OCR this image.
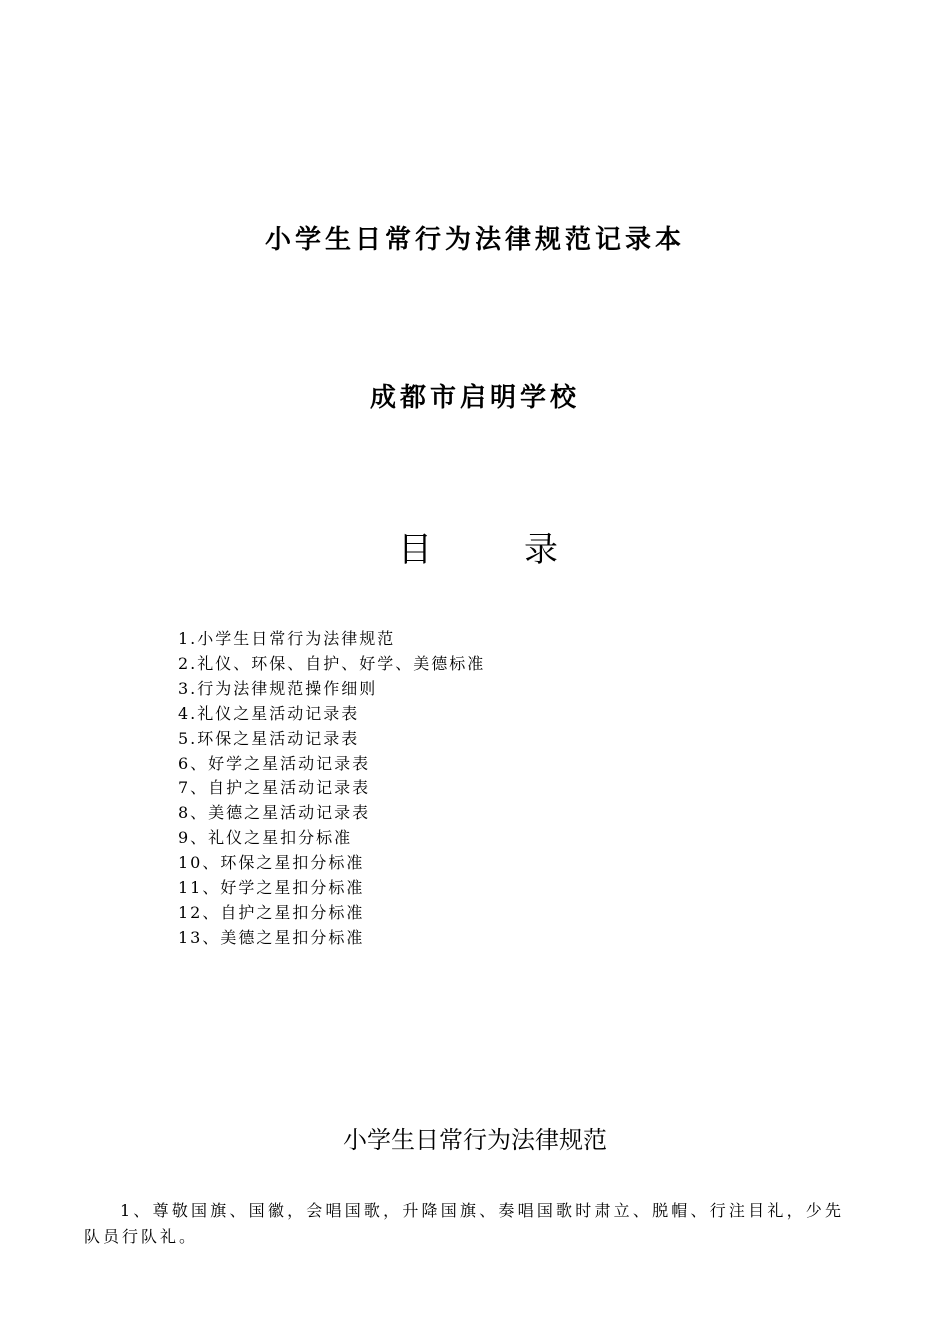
小学生日常行为法律规范记录本
成都市启明学校
目	录
1.小学生日常行为法律规范
2.礼仪、环保、自护、好学、美德标准
3.行为法律规范操作细则
4.礼仪之星活动记录表
5.环保之星活动记录表
6、好学之星活动记录表
7、自护之星活动记录表
8、美德之星活动记录表
9、礼仪之星扣分标准
10、环保之星扣分标准
11、好学之星扣分标准
12、自护之星扣分标准
13、美德之星扣分标准
小学生日常行为法律规范

1、尊敬国旗、国徽，会唱国歌，升降国旗、奏唱国歌时肃立、脱帽、行注目礼，少先队员行队礼。
